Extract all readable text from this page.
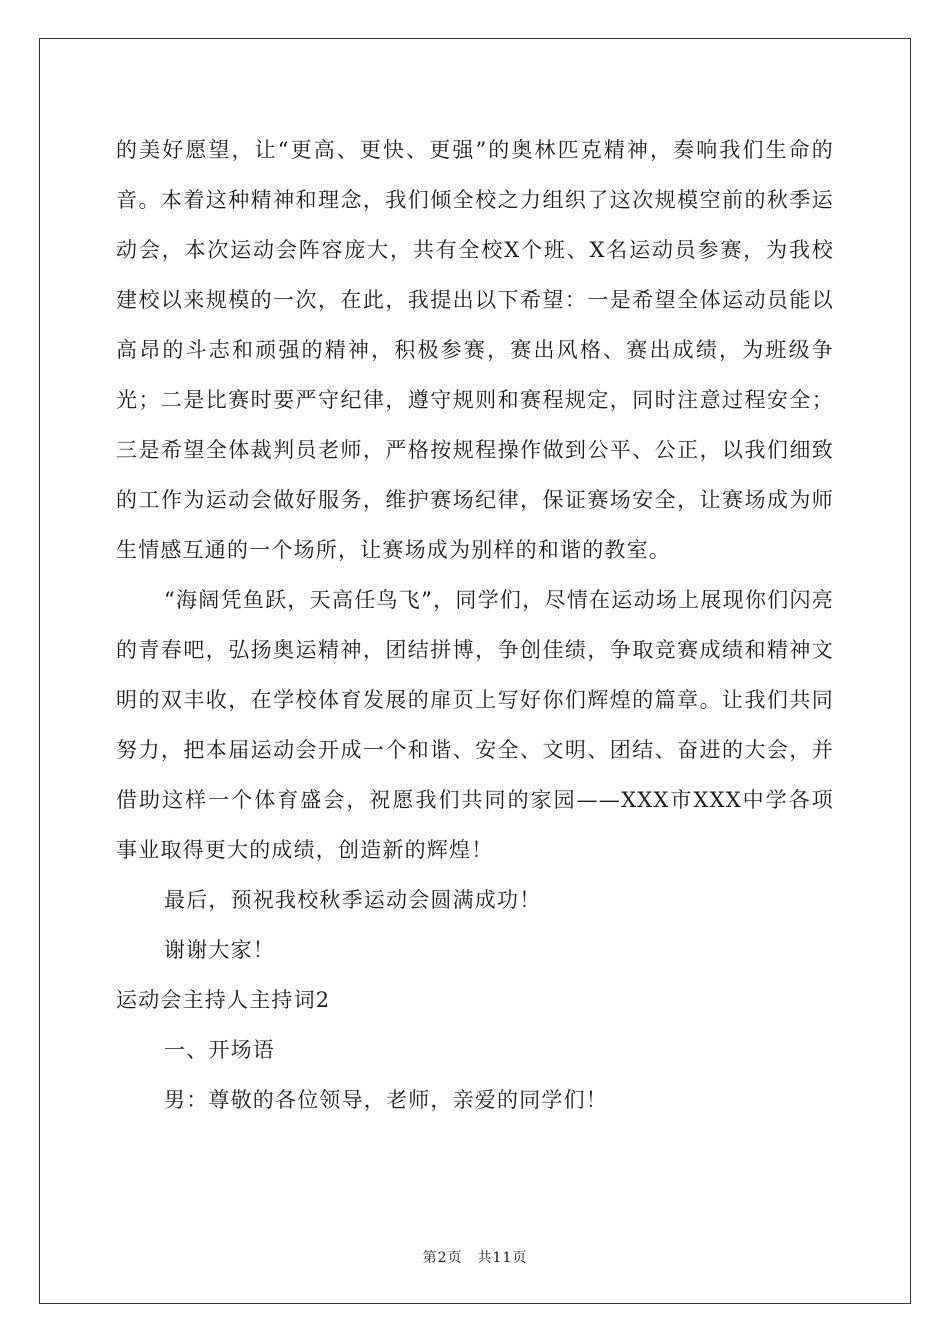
的美好愿望，让“更高、更快、更强”的奥林匹克精神，奏响我们生命的音。本着这种精神和理念，我们倾全校之力组织了这次规模空前的秋季运动会，本次运动会阵容庞大，共有全校X个班、X名运动员参赛，为我校建校以来规模的一次，在此，我提出以下希望：一是希望全体运动员能以高昂的斗志和顽强的精神，积极参赛，赛出风格、赛出成绩，为班级争光；二是比赛时要严守纪律，遵守规则和赛程规定，同时注意过程安全；三是希望全体裁判员老师，严格按规程操作做到公平、公正，以我们细致的工作为运动会做好服务，维护赛场纪律，保证赛场安全，让赛场成为师生情感互通的一个场所，让赛场成为别样的和谐的教室。

“海阔凭鱼跃，天高任鸟飞”，同学们，尽情在运动场上展现你们闪亮的青春吧，弘扬奥运精神，团结拼博，争创佳绩，争取竞赛成绩和精神文明的双丰收，在学校体育发展的扉页上写好你们辉煌的篇章。让我们共同努力，把本届运动会开成一个和谐、安全、文明、团结、奋进的大会，并借助这样一个体育盛会，祝愿我们共同的家园——XXX市XXX中学各项事业取得更大的成绩，创造新的辉煌！

最后，预祝我校秋季运动会圆满成功！

谢谢大家！

运动会主持人主持词2

一、开场语

男：尊敬的各位领导，老师，亲爱的同学们！

第2页　共11页
